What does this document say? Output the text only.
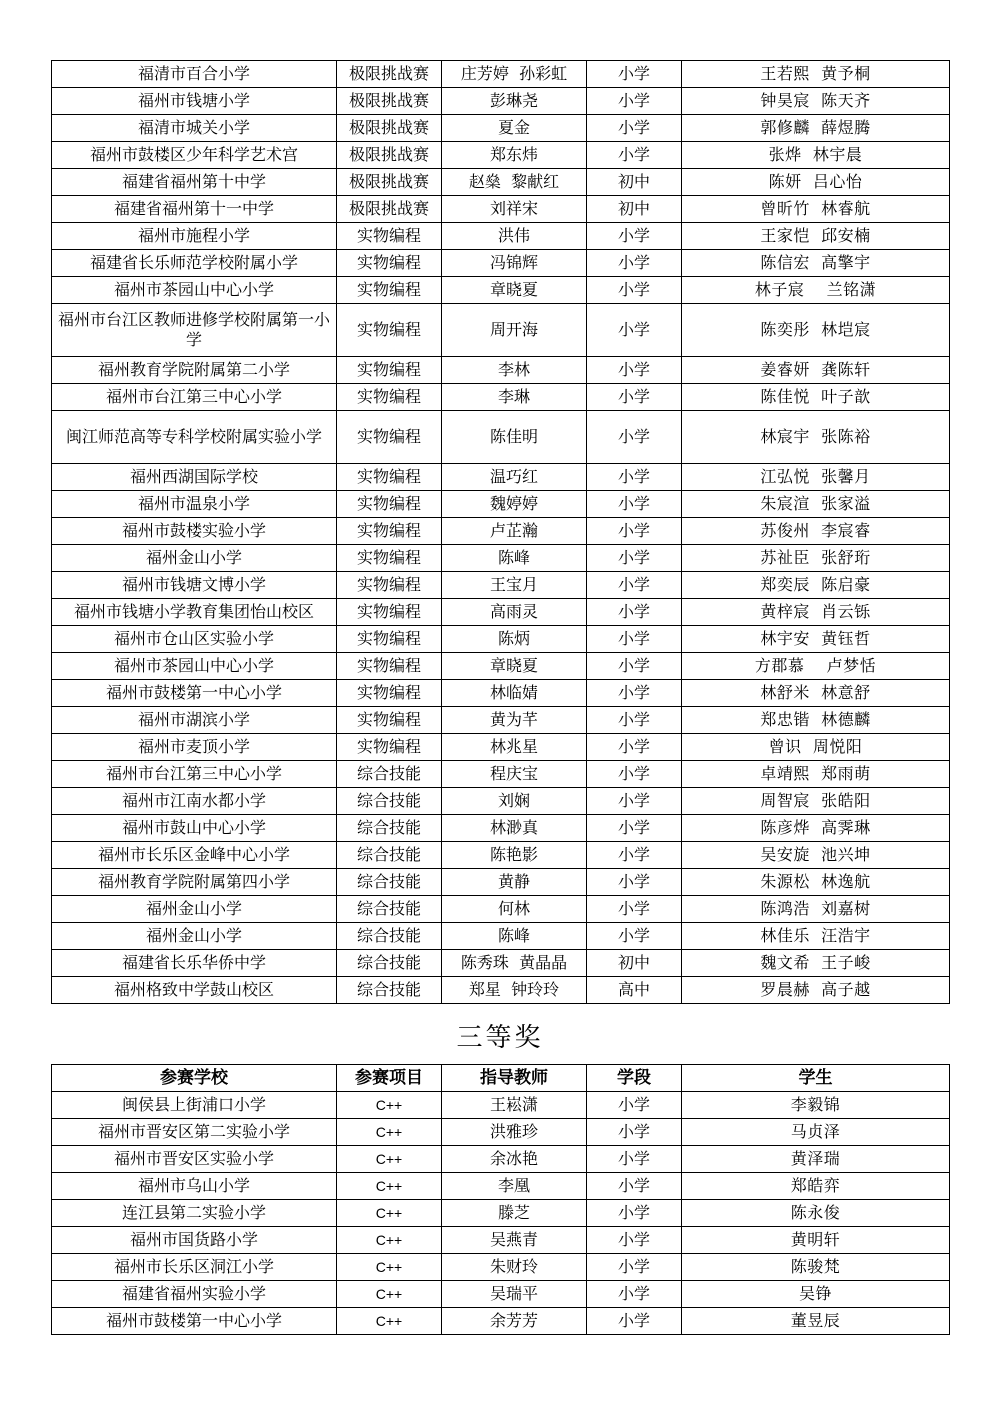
福清市百合小学	极限挑战赛	庄芳婷  孙彩虹	小学	王若熙  黄予桐
福州市钱塘小学	极限挑战赛	彭琳尧	小学	钟昊宸  陈天齐
福清市城关小学	极限挑战赛	夏金	小学	郭修麟  薛煜腾
福州市鼓楼区少年科学艺术宫	极限挑战赛	郑东炜	小学	张烨  林宇晨
福建省福州第十中学	极限挑战赛	赵燊  黎献红	初中	陈妍  吕心怡
福建省福州第十一中学	极限挑战赛	刘祥宋	初中	曾昕竹  林睿航
福州市施程小学	实物编程	洪伟	小学	王家恺  邱安楠
福建省长乐师范学校附属小学	实物编程	冯锦辉	小学	陈信宏  高擎宇
福州市茶园山中心小学	实物编程	章晓夏	小学	林子宸    兰铭潇
福州市台江区教师进修学校附属第一小学	实物编程	周开海	小学	陈奕彤  林垲宸
福州教育学院附属第二小学	实物编程	李林	小学	姜睿妍  龚陈轩
福州市台江第三中心小学	实物编程	李琳	小学	陈佳悦  叶子歆
闽江师范高等专科学校附属实验小学	实物编程	陈佳明	小学	林宸宇  张陈裕
福州西湖国际学校	实物编程	温巧红	小学	江弘悦  张馨月
福州市温泉小学	实物编程	魏婷婷	小学	朱宸渲  张家溢
福州市鼓楼实验小学	实物编程	卢芷瀚	小学	苏俊州  李宸睿
福州金山小学	实物编程	陈峰	小学	苏祉臣  张舒珩
福州市钱塘文博小学	实物编程	王宝月	小学	郑奕辰  陈启豪
福州市钱塘小学教育集团怡山校区	实物编程	高雨灵	小学	黄梓宸  肖云铄
福州市仓山区实验小学	实物编程	陈炳	小学	林宇安  黄钰哲
福州市茶园山中心小学	实物编程	章晓夏	小学	方郡慕    卢梦恬
福州市鼓楼第一中心小学	实物编程	林临婧	小学	林舒米  林意舒
福州市湖滨小学	实物编程	黄为芊	小学	郑忠锴  林德麟
福州市麦顶小学	实物编程	林兆星	小学	曾识  周悦阳
福州市台江第三中心小学	综合技能	程庆宝	小学	卓靖熙  郑雨萌
福州市江南水都小学	综合技能	刘娴	小学	周智宸  张皓阳
福州市鼓山中心小学	综合技能	林渺真	小学	陈彦烨  高霁琳
福州市长乐区金峰中心小学	综合技能	陈艳影	小学	吴安旋  池兴坤
福州教育学院附属第四小学	综合技能	黄静	小学	朱源松  林逸航
福州金山小学	综合技能	何林	小学	陈鸿浩  刘嘉树
福州金山小学	综合技能	陈峰	小学	林佳乐  汪浩宇
福建省长乐华侨中学	综合技能	陈秀珠  黄晶晶	初中	魏文希  王子峻
福州格致中学鼓山校区	综合技能	郑星  钟玲玲	高中	罗晨赫  高子越
三等奖
参赛学校	参赛项目	指导教师	学段	学生
闽侯县上街浦口小学	C++	王崧潇	小学	李毅锦
福州市晋安区第二实验小学	C++	洪雅珍	小学	马贞泽
福州市晋安区实验小学	C++	余冰艳	小学	黄泽瑞
福州市乌山小学	C++	李凰	小学	郑皓弈
连江县第二实验小学	C++	滕芝	小学	陈永俊
福州市国货路小学	C++	吴燕青	小学	黄明轩
福州市长乐区洞江小学	C++	朱财玲	小学	陈骏梵
福建省福州实验小学	C++	吴瑞平	小学	吴铮
福州市鼓楼第一中心小学	C++	余芳芳	小学	董昱辰
